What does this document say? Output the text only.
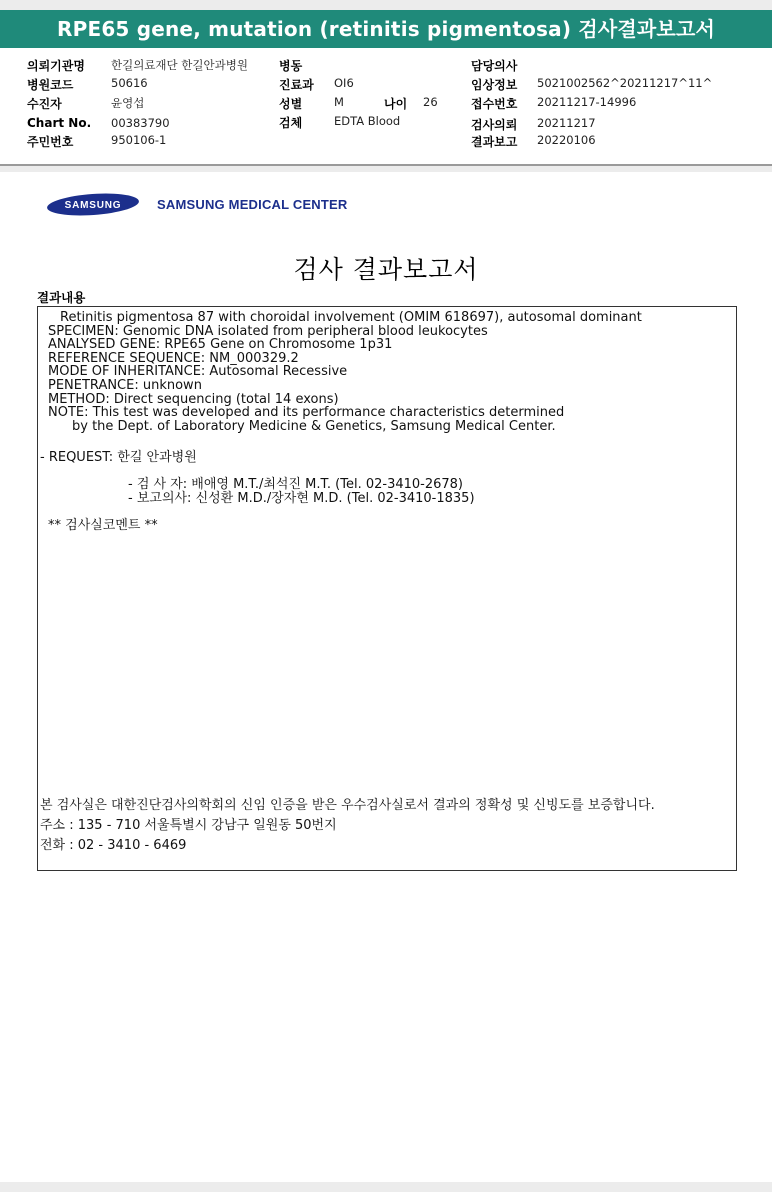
RPE65 gene, mutation (retinitis pigmentosa) 검사결과보고서
의뢰기관명 한길의료재단 한길안과병원
병원코드	50616
수진자	윤영섭
Chart No. 00383790
주민번호	950106-1
병동
진료과 OI6
성별	M	나이 26
검체	EDTA Blood
담당의사
임상정보 5021002562^20211217^11^
접수번호 20211217-14996
검사의뢰 20211217
결과보고 20220106
SAMSUNG	SAMSUNG MEDICAL CENTER
검사 결과보고서
결과내용
Retinitis pigmentosa 87 with choroidal involvement (OMIM 618697), autosomal dominant
SPECIMEN: Genomic DNA isolated from peripheral blood leukocytes
ANALYSED GENE: RPE65 Gene on Chromosome 1p31
REFERENCE SEQUENCE: NM_000329.2
MODE OF INHERITANCE: Autosomal Recessive
PENETRANCE: unknown
METHOD: Direct sequencing (total 14 exons)
NOTE: This test was developed and its performance characteristics determined
by the Dept. of Laboratory Medicine & Genetics, Samsung Medical Center.
- REQUEST: 한길 안과병원
- 검 사 자: 배애영 M.T./최석진 M.T. (Tel. 02-3410-2678)
- 보고의사: 신성환 M.D./장자현 M.D. (Tel. 02-3410-1835)
** 검사실코멘트 **
본 검사실은 대한진단검사의학회의 신임 인증을 받은 우수검사실로서 결과의 정확성 및 신빙도를 보증합니다.
주소 : 135 - 710 서울특별시 강남구 일원동 50번지
전화 : 02 - 3410 - 6469
